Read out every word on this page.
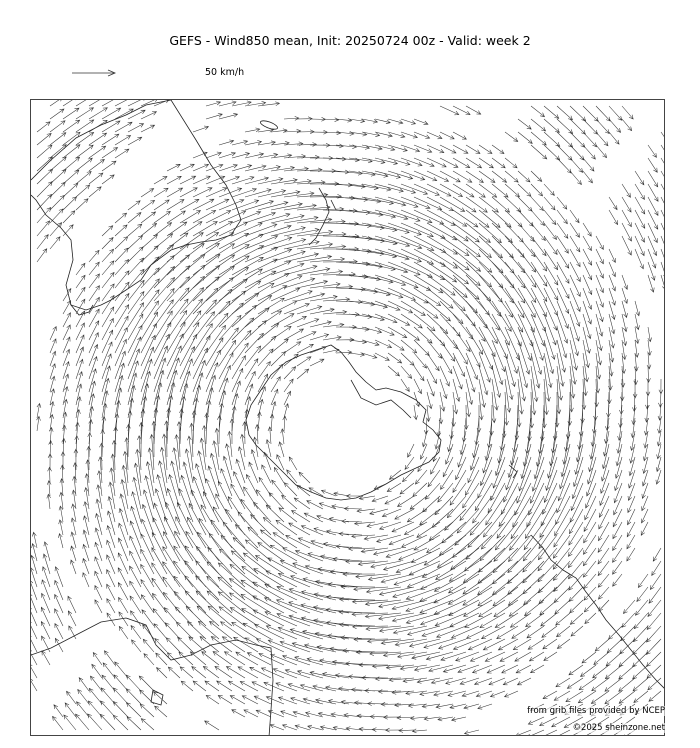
GEFS - Wind850 mean, Init: 20250724 00z - Valid: week 2
50 km/h
from grib files provided by NCEP
©2025 sheinzone.net
